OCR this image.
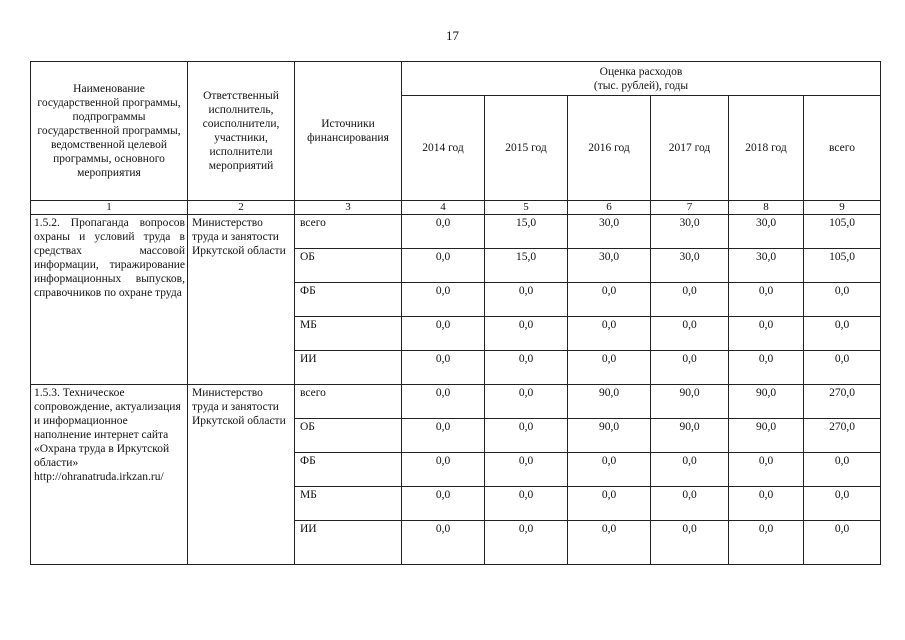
17
Наименование государственной программы, подпрограммы государственной программы, ведомственной целевой программы, основного мероприятия	Ответственный исполнитель, соисполнители, участники, исполнители мероприятий	Источники финансирования	Оценка расходов
(тыс. рублей), годы					
			2014 год	2015 год	2016 год	2017 год	2018 год	всего
1	2	3	4	5	6	7	8	9
1.5.2. Пропаганда вопросов охраны и условий труда в средствах массовой информации, тиражирование информационных выпусков, справочников по охране труда	Министерство труда и занятости Иркутской области	всего	0,0	15,0	30,0	30,0	30,0	105,0
		ОБ	0,0	15,0	30,0	30,0	30,0	105,0
		ФБ	0,0	0,0	0,0	0,0	0,0	0,0
		МБ	0,0	0,0	0,0	0,0	0,0	0,0
		ИИ	0,0	0,0	0,0	0,0	0,0	0,0
1.5.3. Техническое сопровождение, актуализация и информационное наполнение интернет сайта «Охрана труда в Иркутской области» http://ohranatruda.irkzan.ru/	Министерство труда и занятости Иркутской области	всего	0,0	0,0	90,0	90,0	90,0	270,0
		ОБ	0,0	0,0	90,0	90,0	90,0	270,0
		ФБ	0,0	0,0	0,0	0,0	0,0	0,0
		МБ	0,0	0,0	0,0	0,0	0,0	0,0
		ИИ	0,0	0,0	0,0	0,0	0,0	0,0
